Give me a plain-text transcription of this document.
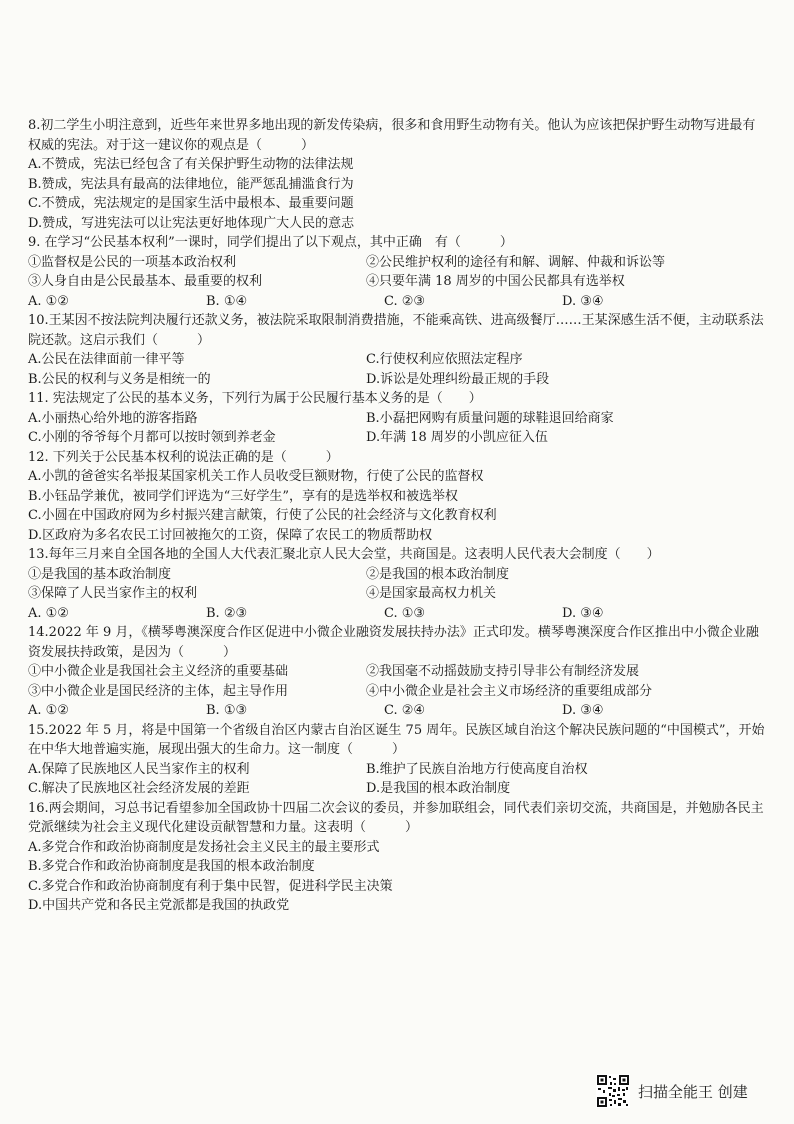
8.初二学生小明注意到，近些年来世界多地出现的新发传染病，很多和食用野生动物有关。他认为应该把保护野生动物写进最有权威的宪法。对于这一建议你的观点是（　　　）
A.不赞成，宪法已经包含了有关保护野生动物的法律法规
B.赞成，宪法具有最高的法律地位，能严惩乱捕滥食行为
C.不赞成，宪法规定的是国家生活中最根本、最重要问题
D.赞成，写进宪法可以让宪法更好地体现广大人民的意志
9. 在学习“公民基本权利”一课时，同学们提出了以下观点，其中正确　有（　　　）
①监督权是公民的一项基本政治权利	②公民维护权利的途径有和解、调解、仲裁和诉讼等
③人身自由是公民最基本、最重要的权利	④只要年满 18 周岁的中国公民都具有选举权
A. ①②	B. ①④	C. ②③	D. ③④
10.王某因不按法院判决履行还款义务，被法院采取限制消费措施，不能乘高铁、进高级餐厅……王某深感生活不便，主动联系法院还款。这启示我们（　　　）
A.公民在法律面前一律平等	C.行使权利应依照法定程序
B.公民的权利与义务是相统一的	D.诉讼是处理纠纷最正规的手段
11. 宪法规定了公民的基本义务，下列行为属于公民履行基本义务的是（　　）
A.小丽热心给外地的游客指路	B.小磊把网购有质量问题的球鞋退回给商家
C.小刚的爷爷每个月都可以按时领到养老金	D.年满 18 周岁的小凯应征入伍
12. 下列关于公民基本权利的说法正确的是（　　　）
A.小凯的爸爸实名举报某国家机关工作人员收受巨额财物，行使了公民的监督权
B.小钰品学兼优，被同学们评选为“三好学生”，享有的是选举权和被选举权
C.小圆在中国政府网为乡村振兴建言献策，行使了公民的社会经济与文化教育权利
D.区政府为多名农民工讨回被拖欠的工资，保障了农民工的物质帮助权
13.每年三月来自全国各地的全国人大代表汇聚北京人民大会堂，共商国是。这表明人民代表大会制度（　　）
①是我国的基本政治制度	②是我国的根本政治制度
③保障了人民当家作主的权利	④是国家最高权力机关
A. ①②	B. ②③	C. ①③	D. ③④
14.2022 年 9 月，《横琴粤澳深度合作区促进中小微企业融资发展扶持办法》正式印发。横琴粤澳深度合作区推出中小微企业融资发展扶持政策，是因为（　　　）
①中小微企业是我国社会主义经济的重要基础	②我国毫不动摇鼓励支持引导非公有制经济发展
③中小微企业是国民经济的主体，起主导作用	④中小微企业是社会主义市场经济的重要组成部分
A. ①②	B. ①③	C. ②④	D. ③④
15.2022 年 5 月，将是中国第一个省级自治区内蒙古自治区诞生 75 周年。民族区域自治这个解决民族问题的“中国模式”，开始在中华大地普遍实施，展现出强大的生命力。这一制度（　　　）
A.保障了民族地区人民当家作主的权利	B.维护了民族自治地方行使高度自治权
C.解决了民族地区社会经济发展的差距	D.是我国的根本政治制度
16.两会期间，习总书记看望参加全国政协十四届二次会议的委员，并参加联组会，同代表们亲切交流，共商国是，并勉励各民主党派继续为社会主义现代化建设贡献智慧和力量。这表明（　　　）
A.多党合作和政治协商制度是发扬社会主义民主的最主要形式
B.多党合作和政治协商制度是我国的根本政治制度
C.多党合作和政治协商制度有利于集中民智，促进科学民主决策
D.中国共产党和各民主党派都是我国的执政党
扫描全能王 创建
